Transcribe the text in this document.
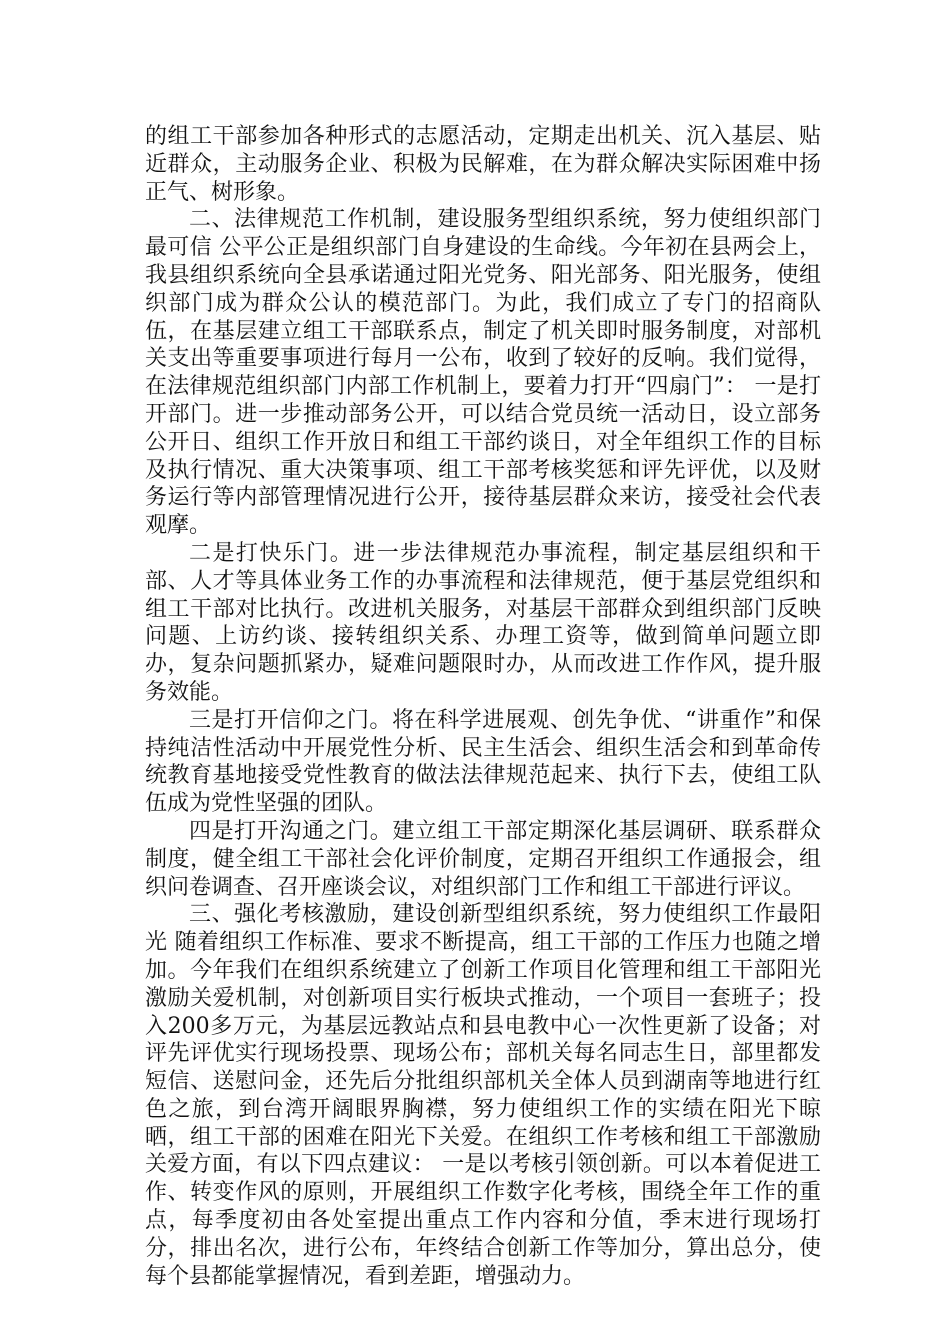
的组工干部参加各种形式的志愿活动，定期走出机关、沉入基层、贴近群众，主动服务企业、积极为民解难，在为群众解决实际困难中扬正气、树形象。

二、法律规范工作机制，建设服务型组织系统，努力使组织部门最可信 公平公正是组织部门自身建设的生命线。今年初在县两会上，我县组织系统向全县承诺通过阳光党务、阳光部务、阳光服务，使组织部门成为群众公认的模范部门。为此，我们成立了专门的招商队伍，在基层建立组工干部联系点，制定了机关即时服务制度，对部机关支出等重要事项进行每月一公布，收到了较好的反响。我们觉得，在法律规范组织部门内部工作机制上，要着力打开“四扇门”： 一是打开部门。进一步推动部务公开，可以结合党员统一活动日，设立部务公开日、组织工作开放日和组工干部约谈日，对全年组织工作的目标及执行情况、重大决策事项、组工干部考核奖惩和评先评优，以及财务运行等内部管理情况进行公开，接待基层群众来访，接受社会代表观摩。

二是打快乐门。进一步法律规范办事流程，制定基层组织和干部、人才等具体业务工作的办事流程和法律规范，便于基层党组织和组工干部对比执行。改进机关服务，对基层干部群众到组织部门反映问题、上访约谈、接转组织关系、办理工资等，做到简单问题立即办，复杂问题抓紧办，疑难问题限时办，从而改进工作作风，提升服务效能。

三是打开信仰之门。将在科学进展观、创先争优、“讲重作”和保持纯洁性活动中开展党性分析、民主生活会、组织生活会和到革命传统教育基地接受党性教育的做法法律规范起来、执行下去，使组工队伍成为党性坚强的团队。

四是打开沟通之门。建立组工干部定期深化基层调研、联系群众制度，健全组工干部社会化评价制度，定期召开组织工作通报会，组织问卷调查、召开座谈会议，对组织部门工作和组工干部进行评议。

三、强化考核激励，建设创新型组织系统，努力使组织工作最阳光 随着组织工作标准、要求不断提高，组工干部的工作压力也随之增加。今年我们在组织系统建立了创新工作项目化管理和组工干部阳光激励关爱机制，对创新项目实行板块式推动，一个项目一套班子；投入200多万元，为基层远教站点和县电教中心一次性更新了设备；对评先评优实行现场投票、现场公布；部机关每名同志生日，部里都发短信、送慰问金，还先后分批组织部机关全体人员到湖南等地进行红色之旅，到台湾开阔眼界胸襟，努力使组织工作的实绩在阳光下晾晒，组工干部的困难在阳光下关爱。在组织工作考核和组工干部激励关爱方面，有以下四点建议： 一是以考核引领创新。可以本着促进工作、转变作风的原则，开展组织工作数字化考核，围绕全年工作的重点，每季度初由各处室提出重点工作内容和分值，季末进行现场打分，排出名次，进行公布，年终结合创新工作等加分，算出总分，使每个县都能掌握情况，看到差距，增强动力。
